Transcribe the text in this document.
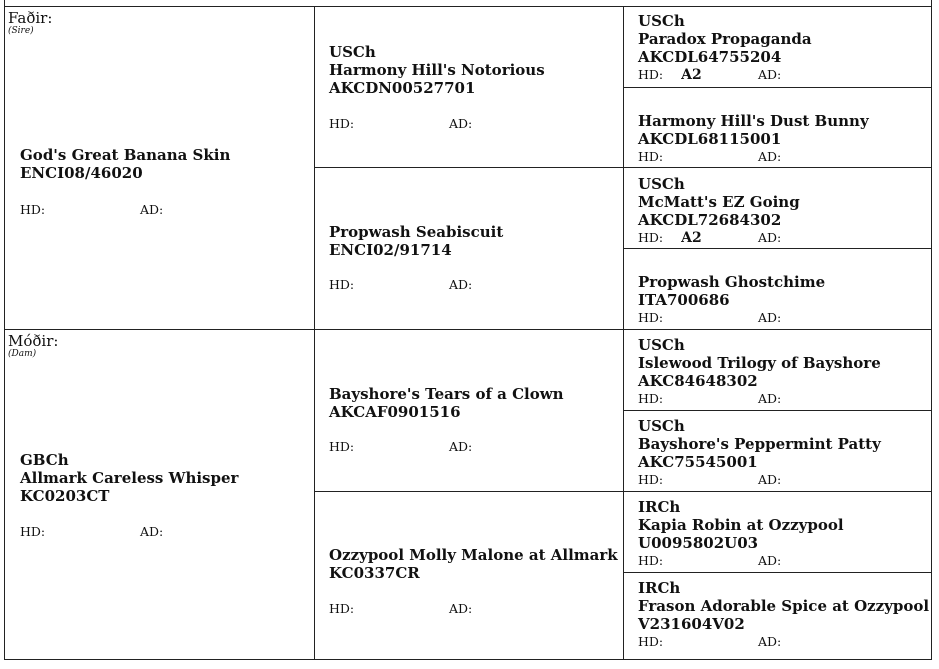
Faðir:
(Sire)
God's Great Banana Skin
ENCI08/46020
HD:	AD:
Móðir:
(Dam)
GBCh
Allmark Careless Whisper
KC0203CT
HD:	AD:
USCh
Harmony Hill's Notorious
AKCDN00527701
HD:	AD:
Propwash Seabiscuit
ENCI02/91714
HD:	AD:
Bayshore's Tears of a Clown
AKCAF0901516
HD:	AD:
Ozzypool Molly Malone at Allmark
KC0337CR
HD:	AD:
USCh
Paradox Propaganda
AKCDL64755204
HD: A2	AD:
Harmony Hill's Dust Bunny
AKCDL68115001
HD:	AD:
USCh
McMatt's EZ Going
AKCDL72684302
HD: A2	AD:
Propwash Ghostchime
ITA700686
HD:	AD:
USCh
Islewood Trilogy of Bayshore
AKC84648302
HD:	AD:
USCh
Bayshore's Peppermint Patty
AKC75545001
HD:	AD:
IRCh
Kapia Robin at Ozzypool
U0095802U03
HD:	AD:
IRCh
Frason Adorable Spice at Ozzypool
V231604V02
HD:	AD:
